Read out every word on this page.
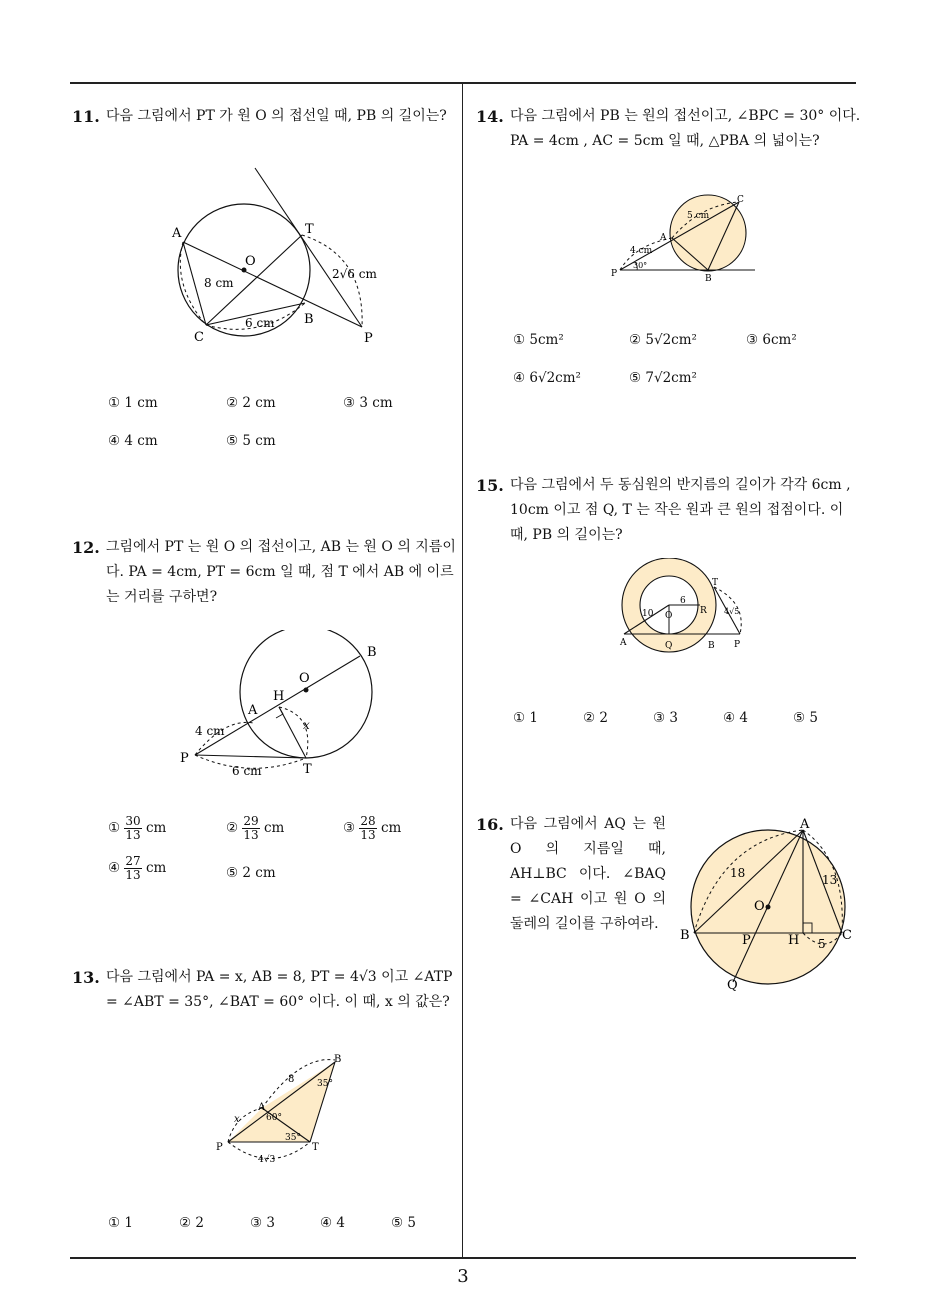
11. 다음 그림에서 PT 가 원 O 의 접선일 때, PB 의 길이는?
A	T
O
C
B
P
8 cm
6 cm
2√6 cm
① 1 cm	② 2 cm	③ 3 cm
④ 4 cm	⑤ 5 cm
12. 그림에서 PT 는 원 O 의 접선이고, AB 는 원 O 의 지름이다. PA = 4cm, PT = 6cm 일 때, 점 T 에서 AB 에 이르는 거리를 구하면?
B
O
H
A
P
T
x
4 cm
6 cm
① $\frac{30}{13}$ cm	② $\frac{29}{13}$ cm	③ $\frac{28}{13}$ cm
④ $\frac{27}{13}$ cm	⑤ 2 cm
13. 다음 그림에서 PA = x, AB = 8, PT = 4√3 이고 ∠ATP = ∠ABT = 35°, ∠BAT = 60° 이다. 이 때, x 의 값은?
B
A
P	T
8
x	60°
35°
35°
4√3
① 1	② 2	③ 3	④ 4	⑤ 5
14. 다음 그림에서 PB 는 원의 접선이고, ∠BPC = 30° 이다. PA = 4cm , AC = 5cm 일 때, △PBA 의 넓이는?
C
A
P	B
5 cm
4 cm
30°
① 5cm²	② 5√2cm²	③ 6cm²
④ 6√2cm²	⑤ 7√2cm²
15. 다음 그림에서 두 동심원의 반지름의 길이가 각각 6cm , 10cm 이고 점 Q, T 는 작은 원과 큰 원의 접점이다. 이 때, PB 의 길이는?
T
O	R
A	Q	B P
10
6
4√5
① 1	② 2	③ 3	④ 4	⑤ 5
16. 다음 그림에서 AQ 는 원 O 의 지름일 때, AH⊥BC 이다. ∠BAQ = ∠CAH 이고 원 O 의 둘레의 길이를 구하여라.
A
B	C
O
P	H
Q
18	13
5
3
